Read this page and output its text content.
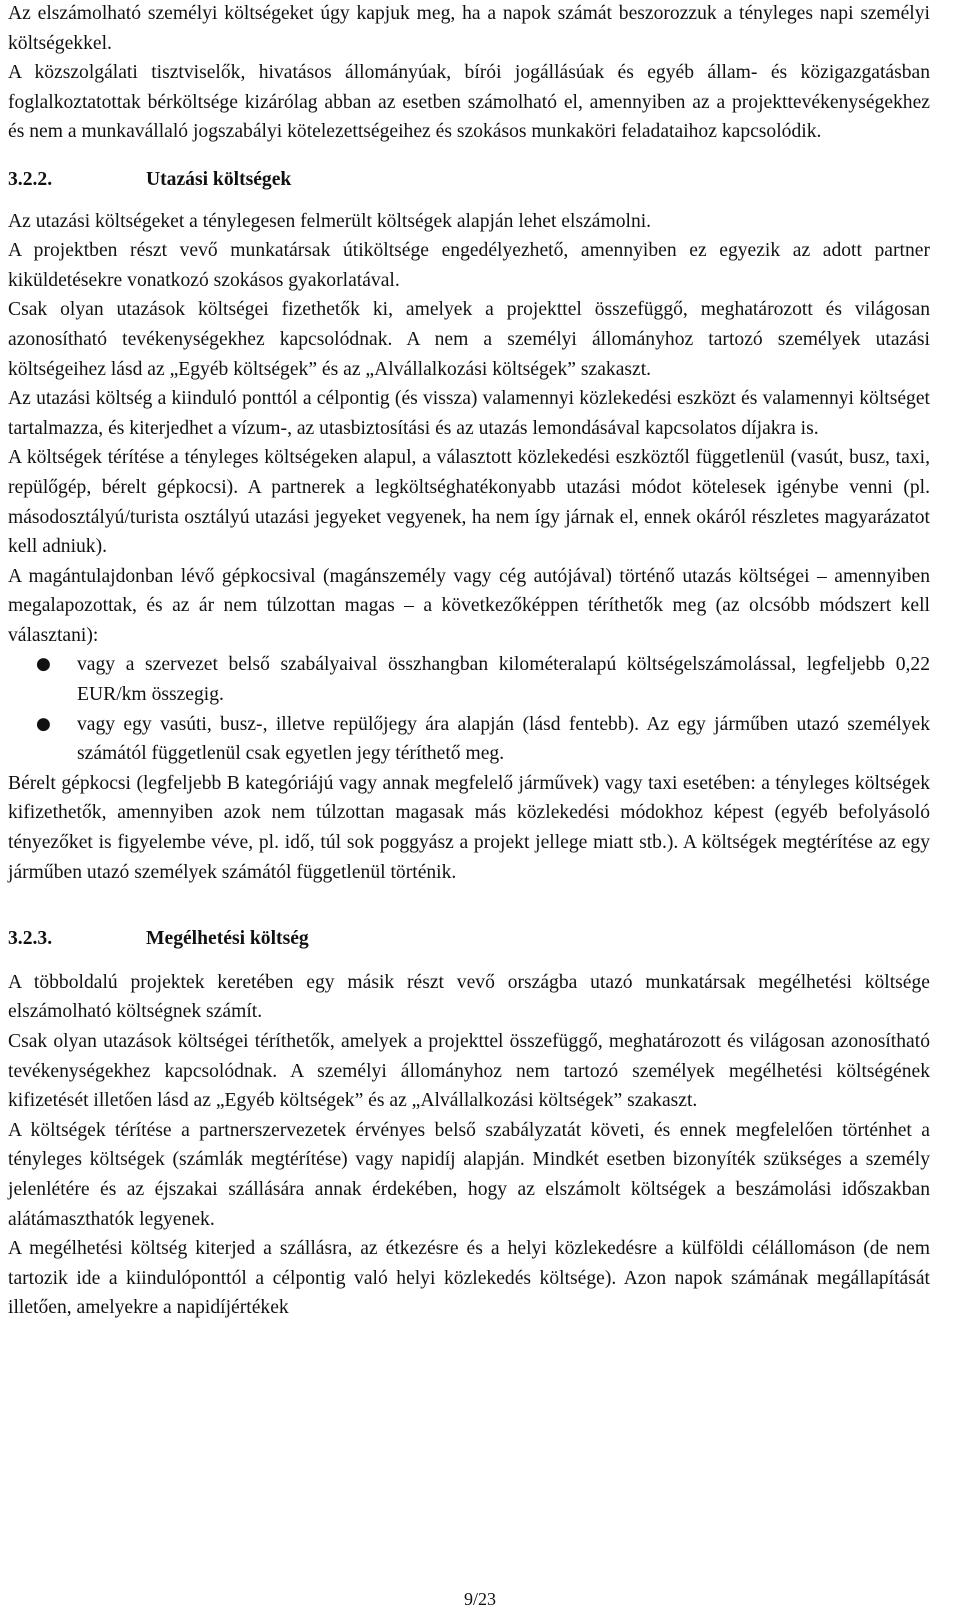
Az elszámolható személyi költségeket úgy kapjuk meg, ha a napok számát beszorozzuk a tényleges napi személyi költségekkel.

A közszolgálati tisztviselők, hivatásos állományúak, bírói jogállásúak és egyéb állam- és közigazgatásban foglalkoztatottak bérköltsége kizárólag abban az esetben számolható el, amennyiben az a projekttevékenységekhez és nem a munkavállaló jogszabályi kötelezettségeihez és szokásos munkaköri feladataihoz kapcsolódik.

3.2.2.	Utazási költségek

Az utazási költségeket a ténylegesen felmerült költségek alapján lehet elszámolni.

A projektben részt vevő munkatársak útiköltsége engedélyezhető, amennyiben ez egyezik az adott partner kiküldetésekre vonatkozó szokásos gyakorlatával.

Csak olyan utazások költségei fizethetők ki, amelyek a projekttel összefüggő, meghatározott és világosan azonosítható tevékenységekhez kapcsolódnak. A nem a személyi állományhoz tartozó személyek utazási költségeihez lásd az „Egyéb költségek” és az „Alvállalkozási költségek” szakaszt.

Az utazási költség a kiinduló ponttól a célpontig (és vissza) valamennyi közlekedési eszközt és valamennyi költséget tartalmazza, és kiterjedhet a vízum-, az utasbiztosítási és az utazás lemondásával kapcsolatos díjakra is.

A költségek térítése a tényleges költségeken alapul, a választott közlekedési eszköztől függetlenül (vasút, busz, taxi, repülőgép, bérelt gépkocsi). A partnerek a legköltséghatékonyabb utazási módot kötelesek igénybe venni (pl. másodosztályú/turista osztályú utazási jegyeket vegyenek, ha nem így járnak el, ennek okáról részletes magyarázatot kell adniuk).

A magántulajdonban lévő gépkocsival (magánszemély vagy cég autójával) történő utazás költségei – amennyiben megalapozottak, és az ár nem túlzottan magas – a következőképpen téríthetők meg (az olcsóbb módszert kell választani):

● vagy a szervezet belső szabályaival összhangban kilométeralapú költségelszámolással, legfeljebb 0,22 EUR/km összegig.
● vagy egy vasúti, busz-, illetve repülőjegy ára alapján (lásd fentebb). Az egy járműben utazó személyek számától függetlenül csak egyetlen jegy téríthető meg.

Bérelt gépkocsi (legfeljebb B kategóriájú vagy annak megfelelő járművek) vagy taxi esetében: a tényleges költségek kifizethetők, amennyiben azok nem túlzottan magasak más közlekedési módokhoz képest (egyéb befolyásoló tényezőket is figyelembe véve, pl. idő, túl sok poggyász a projekt jellege miatt stb.). A költségek megtérítése az egy járműben utazó személyek számától függetlenül történik.

3.2.3.	Megélhetési költség

A többoldalú projektek keretében egy másik részt vevő országba utazó munkatársak megélhetési költsége elszámolható költségnek számít.

Csak olyan utazások költségei téríthetők, amelyek a projekttel összefüggő, meghatározott és világosan azonosítható tevékenységekhez kapcsolódnak. A személyi állományhoz nem tartozó személyek megélhetési költségének kifizetését illetően lásd az „Egyéb költségek” és az „Alvállalkozási költségek” szakaszt.

A költségek térítése a partnerszervezetek érvényes belső szabályzatát követi, és ennek megfelelően történhet a tényleges költségek (számlák megtérítése) vagy napidíj alapján. Mindkét esetben bizonyíték szükséges a személy jelenlétére és az éjszakai szállására annak érdekében, hogy az elszámolt költségek a beszámolási időszakban alátámaszthatók legyenek.

A megélhetési költség kiterjed a szállásra, az étkezésre és a helyi közlekedésre a külföldi célállomáson (de nem tartozik ide a kiindulóponttól a célpontig való helyi közlekedés költsége). Azon napok számának megállapítását illetően, amelyekre a napidíjértékek

9/23
